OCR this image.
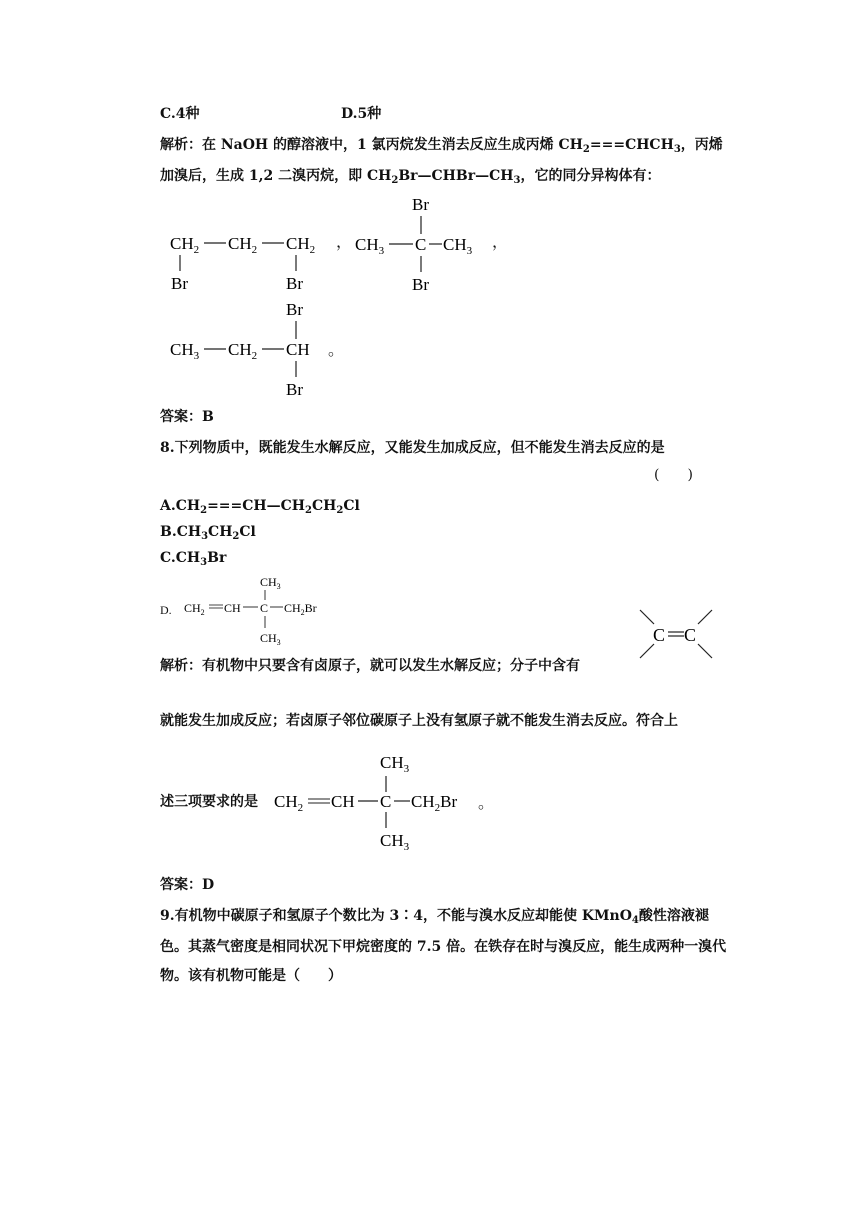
C.4种	D.5种
解析：在 NaOH 的醇溶液中，1 氯丙烷发生消去反应生成丙烯 $CH_2===CHCH_3$，丙烯
加溴后，生成 1,2 二溴丙烷，即 $CH_2Br—CHBr—CH_3$，它的同分异构体有：
$CH_2$ $CH_2$ $CH_2$
Br	Br
，
Br
$CH_3$ C $CH_3$
Br
，
Br
$CH_3$ $CH_2$ CH
Br
。
答案：B
8.下列物质中，既能发生水解反应，又能发生加成反应，但不能发生消去反应的是
(　　)
$A.CH_2===CH—CH_2CH_2Cl$
$B.CH_3CH_2Cl$
$C.CH_3Br$
D.
$CH_3$
$CH_2$ CH C $CH_2Br$
$CH_3$	C C
解析：有机物中只要含有卤原子，就可以发生水解反应；分子中含有
就能发生加成反应；若卤原子邻位碳原子上没有氢原子就不能发生消去反应。符合上
述三项要求的是
$CH_3$
$CH_2$ CH C $CH_2Br$
$CH_3$
。
答案：D
9.有机物中碳原子和氢原子个数比为 3∶4，不能与溴水反应却能使 KMnO$_4$酸性溶液褪
色。其蒸气密度是相同状况下甲烷密度的 7.5 倍。在铁存在时与溴反应，能生成两种一溴代
物。该有机物可能是（　　）
